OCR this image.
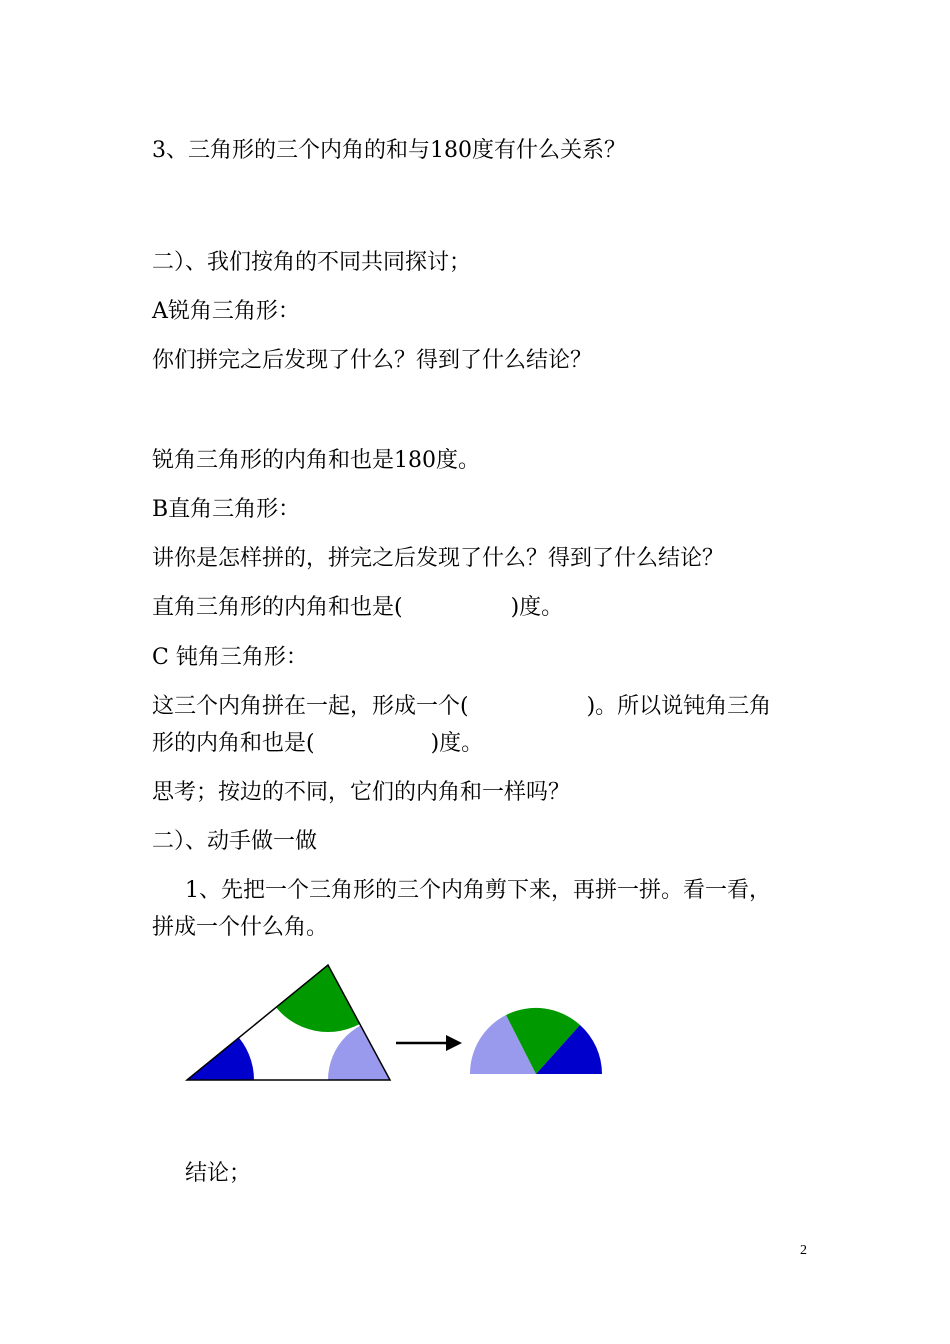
3、三角形的三个内角的和与180度有什么关系？
二）、我们按角的不同共同探讨；
A锐角三角形：
你们拼完之后发现了什么？得到了什么结论？
锐角三角形的内角和也是180度。
B直角三角形：
讲你是怎样拼的，拼完之后发现了什么？得到了什么结论？
直角三角形的内角和也是(	)度。
C 钝角三角形：
这三个内角拼在一起，形成一个(	)。所以说钝角三角
形的内角和也是(	)度。
思考；按边的不同，它们的内角和一样吗？
二）、动手做一做
1、先把一个三角形的三个内角剪下来，再拼一拼。看一看，
拼成一个什么角。
结论；
2
